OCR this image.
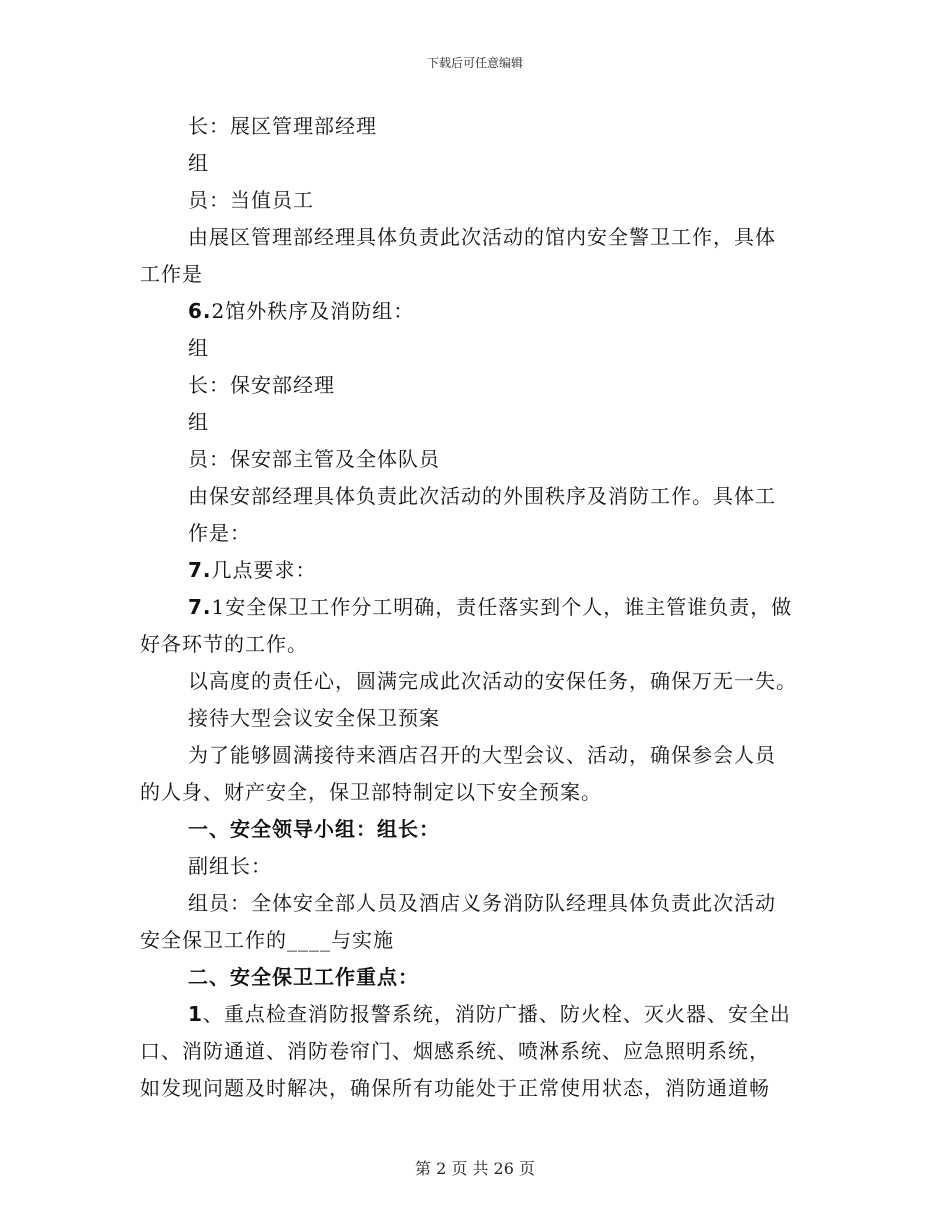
下载后可任意编辑
长：展区管理部经理
组
员：当值员工
由展区管理部经理具体负责此次活动的馆内安全警卫工作，具体
工作是
6.2馆外秩序及消防组：
组
长：保安部经理
组
员：保安部主管及全体队员
由保安部经理具体负责此次活动的外围秩序及消防工作。具体工
作是：
7.几点要求：
7.1安全保卫工作分工明确，责任落实到个人，谁主管谁负责，做
好各环节的工作。
以高度的责任心，圆满完成此次活动的安保任务，确保万无一失。
接待大型会议安全保卫预案
为了能够圆满接待来酒店召开的大型会议、活动，确保参会人员
的人身、财产安全，保卫部特制定以下安全预案。
一、安全领导小组：组长：
副组长：
组员：全体安全部人员及酒店义务消防队经理具体负责此次活动
安全保卫工作的____与实施
二、安全保卫工作重点：
1、重点检查消防报警系统，消防广播、防火栓、灭火器、安全出
口、消防通道、消防卷帘门、烟感系统、喷淋系统、应急照明系统，
如发现问题及时解决，确保所有功能处于正常使用状态，消防通道畅
第 2 页 共 26 页
